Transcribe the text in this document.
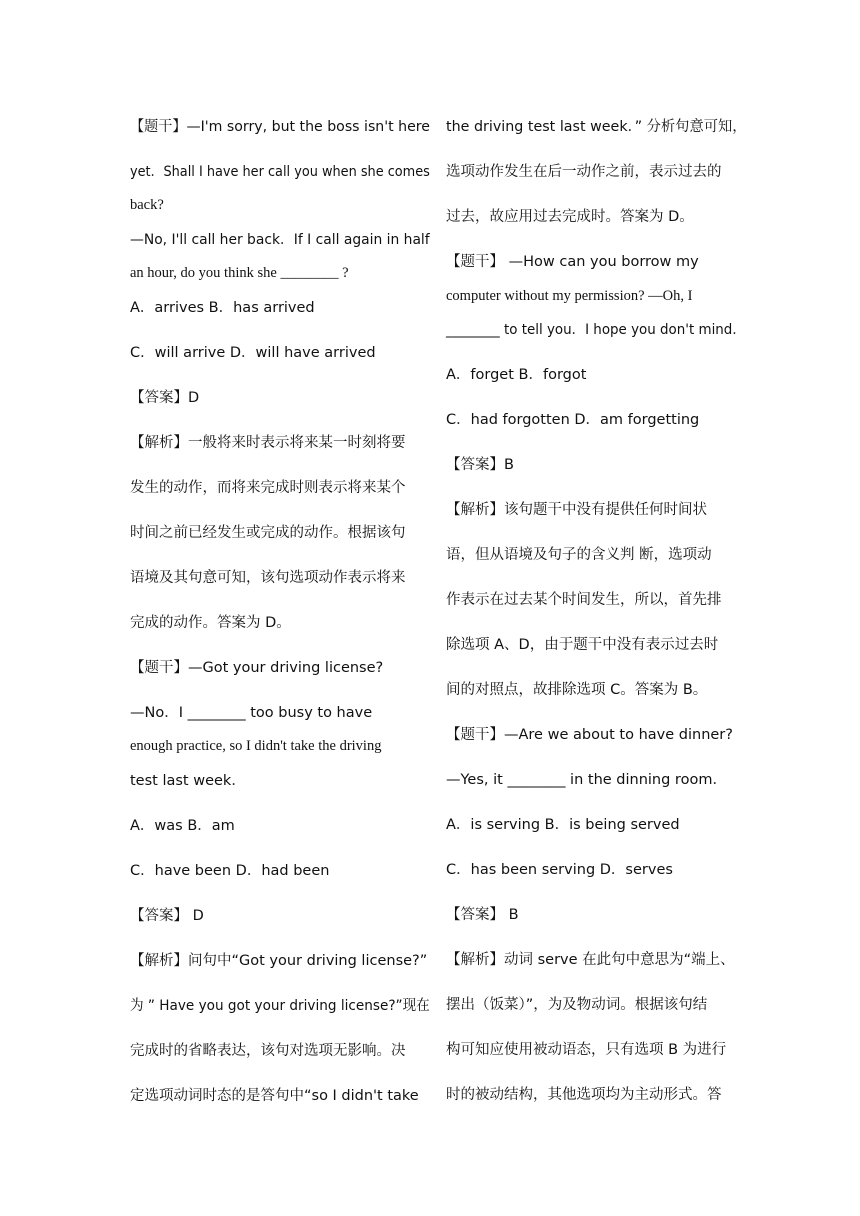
【题干】—I'm sorry, but the boss isn't here
yet．Shall I have her call you when she comes
back?
—No, I'll call her back．If I call again in half
an hour, do you think she ________ ?
A．arrives B．has arrived
C．will arrive D．will have arrived
【答案】D
【解析】一般将来时表示将来某一时刻将要
发生的动作，而将来完成时则表示将来某个
时间之前已经发生或完成的动作。根据该句
语境及其句意可知，该句选项动作表示将来
完成的动作。答案为 D。
【题干】—Got your driving license?
—No．I ________ too busy to have
enough practice, so I didn't take the driving
test last week．
A．was B．am
C．have been D．had been
【答案】 D
【解析】问句中“Got your driving license?”
为 ” Have you got your driving license?”现在
完成时的省略表达，该句对选项无影响。决
定选项动词时态的是答句中“so I didn't take
the driving test last week．” 分析句意可知，
选项动作发生在后一动作之前，表示过去的
过去，故应用过去完成时。答案为 D。
【题干】 —How can you borrow my
computer without my permission? —Oh, I
________ to tell you．I hope you don't mind．
A．forget B．forgot
C．had forgotten D．am forgetting
【答案】B
【解析】该句题干中没有提供任何时间状
语，但从语境及句子的含义判 断，选项动
作表示在过去某个时间发生，所以，首先排
除选项 A、D，由于题干中没有表示过去时
间的对照点，故排除选项 C。答案为 B。
【题干】—Are we about to have dinner?
—Yes, it ________ in the dinning room．
A．is serving B．is being served
C．has been serving D．serves
【答案】 B
【解析】动词 serve 在此句中意思为“端上、
摆出（饭菜）”，为及物动词。根据该句结
构可知应使用被动语态，只有选项 B 为进行
时的被动结构，其他选项均为主动形式。答
